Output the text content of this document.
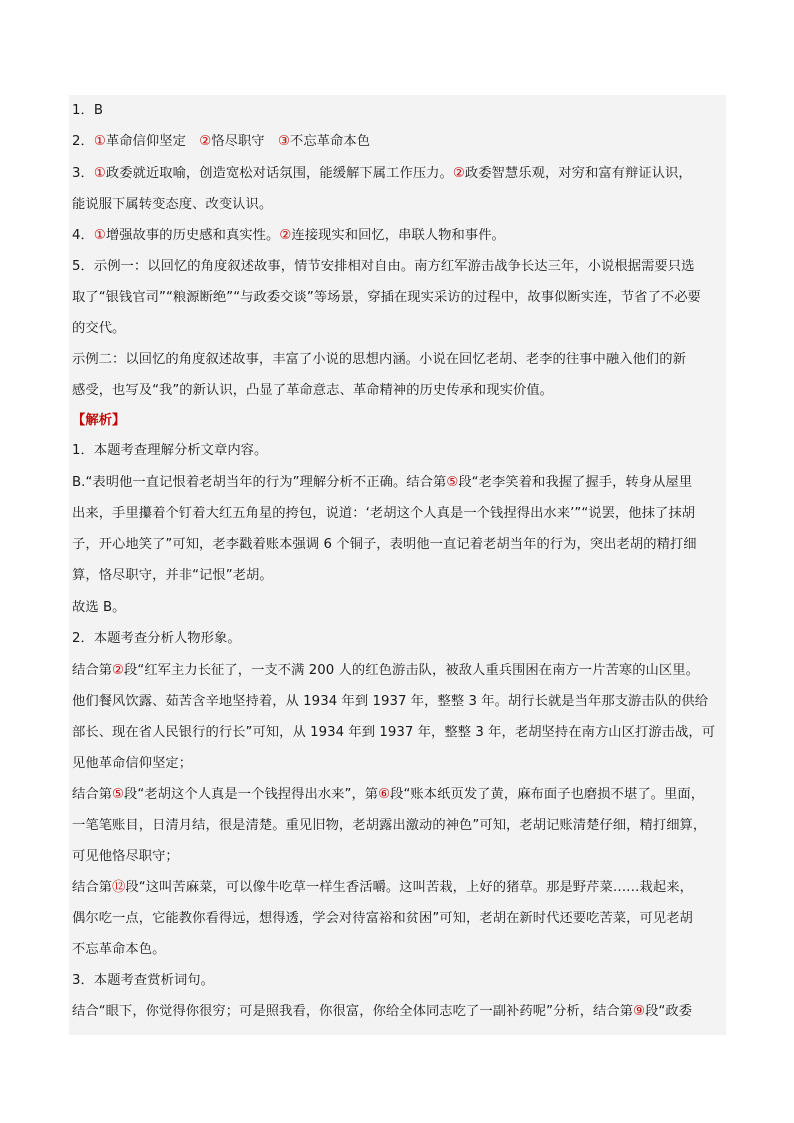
1．B
2．①革命信仰坚定　②恪尽职守　③不忘革命本色
3．①政委就近取喻，创造宽松对话氛围，能缓解下属工作压力。②政委智慧乐观，对穷和富有辩证认识，
能说服下属转变态度、改变认识。
4．①增强故事的历史感和真实性。②连接现实和回忆，串联人物和事件。
5．示例一：以回忆的角度叙述故事，情节安排相对自由。南方红军游击战争长达三年，小说根据需要只选
取了“银钱官司”“粮源断绝”“与政委交谈”等场景，穿插在现实采访的过程中，故事似断实连，节省了不必要
的交代。
示例二：以回忆的角度叙述故事，丰富了小说的思想内涵。小说在回忆老胡、老李的往事中融入他们的新
感受，也写及“我”的新认识，凸显了革命意志、革命精神的历史传承和现实价值。
【解析】
1．本题考查理解分析文章内容。
B.“表明他一直记恨着老胡当年的行为”理解分析不正确。结合第⑤段“老李笑着和我握了握手，转身从屋里
出来，手里攥着个钉着大红五角星的挎包，说道：‘老胡这个人真是一个钱捏得出水来’”“说罢，他抹了抹胡
子，开心地笑了”可知，老李戳着账本强调 6 个铜子，表明他一直记着老胡当年的行为，突出老胡的精打细
算，恪尽职守，并非“记恨”老胡。
故选 B。
2．本题考查分析人物形象。
结合第②段“红军主力长征了，一支不满 200 人的红色游击队，被敌人重兵围困在南方一片苦寒的山区里。
他们餐风饮露、茹苦含辛地坚持着，从 1934 年到 1937 年，整整 3 年。胡行长就是当年那支游击队的供给
部长、现在省人民银行的行长”可知，从 1934 年到 1937 年，整整 3 年，老胡坚持在南方山区打游击战，可
见他革命信仰坚定；
结合第⑤段“老胡这个人真是一个钱捏得出水来”，第⑥段“账本纸页发了黄，麻布面子也磨损不堪了。里面，
一笔笔账目，日清月结，很是清楚。重见旧物，老胡露出激动的神色”可知，老胡记账清楚仔细，精打细算，
可见他恪尽职守；
结合第⑫段“这叫苦麻菜，可以像牛吃草一样生香活嚼。这叫苦栽，上好的猪草。那是野芹菜……栽起来，
偶尔吃一点，它能教你看得远，想得透，学会对待富裕和贫困”可知，老胡在新时代还要吃苦菜，可见老胡
不忘革命本色。
3．本题考查赏析词句。
结合“眼下，你觉得你很穷；可是照我看，你很富，你给全体同志吃了一副补药呢”分析，结合第⑨段“政委
